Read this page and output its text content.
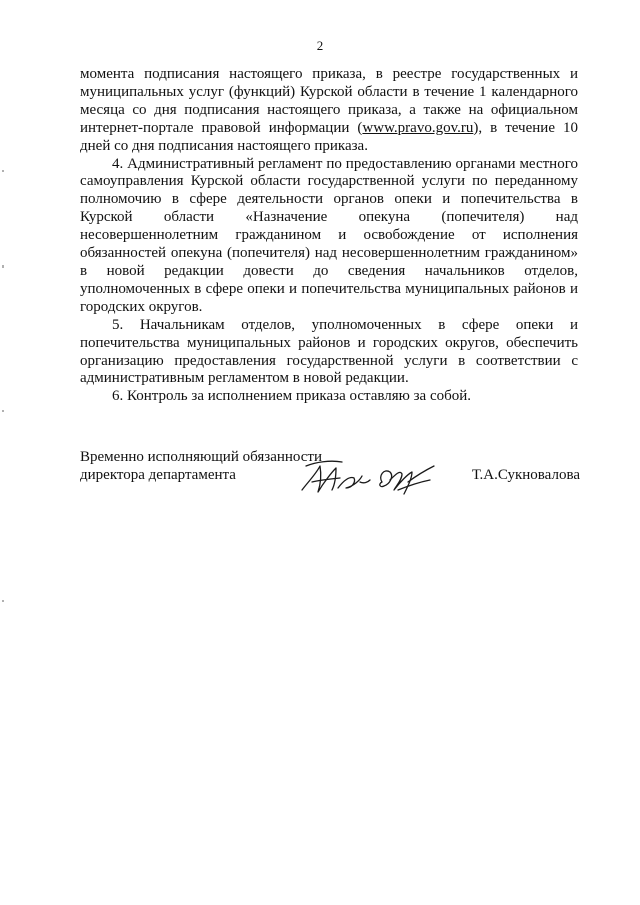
2

момента подписания настоящего приказа, в реестре государственных и муниципальных услуг (функций) Курской области в течение 1 календарного месяца со дня подписания настоящего приказа, а также на официальном интернет-портале правовой информации (www.pravo.gov.ru), в течение 10 дней со дня подписания настоящего приказа.

4. Административный регламент по предоставлению органами местного самоуправления Курской области государственной услуги по переданному полномочию в сфере деятельности органов опеки и попечительства в Курской области «Назначение опекуна (попечителя) над несовершеннолетним гражданином и освобождение от исполнения обязанностей опекуна (попечителя) над несовершеннолетним гражданином» в новой редакции довести до сведения начальников отделов, уполномоченных в сфере опеки и попечительства муниципальных районов и городских округов.

5. Начальникам отделов, уполномоченных в сфере опеки и попечительства муниципальных районов и городских округов, обеспечить организацию предоставления государственной услуги в соответствии с административным регламентом в новой редакции.

6. Контроль за исполнением приказа оставляю за собой.

Временно исполняющий обязанности
директора департамента	Т.А.Сукновалова
